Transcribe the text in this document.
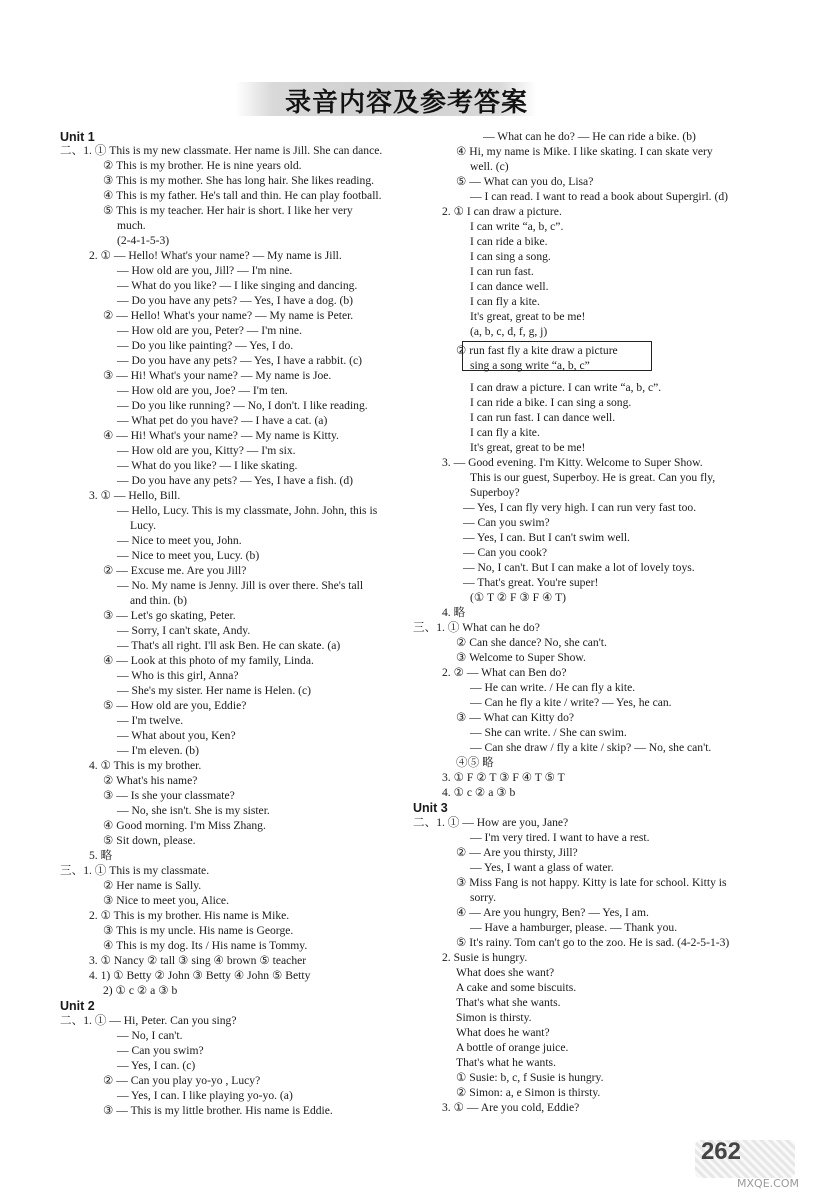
录音内容及参考答案
Unit 1
二、1. ① This is my new classmate. Her name is Jill. She can dance.
② This is my brother. He is nine years old.
③ This is my mother. She has long hair. She likes reading.
④ This is my father. He's tall and thin. He can play football.
⑤ This is my teacher. Her hair is short. I like her very
much.
(2-4-1-5-3)
2. ① — Hello! What's your name? — My name is Jill.
— How old are you, Jill? — I'm nine.
— What do you like? — I like singing and dancing.
— Do you have any pets? — Yes, I have a dog. (b)
② — Hello! What's your name? — My name is Peter.
— How old are you, Peter? — I'm nine.
— Do you like painting? — Yes, I do.
— Do you have any pets? — Yes, I have a rabbit. (c)
③ — Hi! What's your name? — My name is Joe.
— How old are you, Joe? — I'm ten.
— Do you like running? — No, I don't. I like reading.
— What pet do you have? — I have a cat. (a)
④ — Hi! What's your name? — My name is Kitty.
— How old are you, Kitty? — I'm six.
— What do you like? — I like skating.
— Do you have any pets? — Yes, I have a fish. (d)
3. ① — Hello, Bill.
— Hello, Lucy. This is my classmate, John. John, this is
Lucy.
— Nice to meet you, John.
— Nice to meet you, Lucy. (b)
② — Excuse me. Are you Jill?
— No. My name is Jenny. Jill is over there. She's tall
and thin. (b)
③ — Let's go skating, Peter.
— Sorry, I can't skate, Andy.
— That's all right. I'll ask Ben. He can skate. (a)
④ — Look at this photo of my family, Linda.
— Who is this girl, Anna?
— She's my sister. Her name is Helen. (c)
⑤ — How old are you, Eddie?
— I'm twelve.
— What about you, Ken?
— I'm eleven. (b)
4. ① This is my brother.
② What's his name?
③ — Is she your classmate?
— No, she isn't. She is my sister.
④ Good morning. I'm Miss Zhang.
⑤ Sit down, please.
5. 略
三、1. ① This is my classmate.
② Her name is Sally.
③ Nice to meet you, Alice.
2. ① This is my brother. His name is Mike.
③ This is my uncle. His name is George.
④ This is my dog. Its / His name is Tommy.
3. ① Nancy ② tall ③ sing ④ brown ⑤ teacher
4. 1) ① Betty ② John ③ Betty ④ John ⑤ Betty
2) ① c ② a ③ b
Unit 2
二、1. ① — Hi, Peter. Can you sing?
— No, I can't.
— Can you swim?
— Yes, I can. (c)
② — Can you play yo-yo , Lucy?
— Yes, I can. I like playing yo-yo. (a)
③ — This is my little brother. His name is Eddie.
— What can he do? — He can ride a bike. (b)
④ Hi, my name is Mike. I like skating. I can skate very
well. (c)
⑤ — What can you do, Lisa?
— I can read. I want to read a book about Supergirl. (d)
2. ① I can draw a picture.
I can write “a, b, c”.
I can ride a bike.
I can sing a song.
I can run fast.
I can dance well.
I can fly a kite.
It's great, great to be me!
(a, b, c, d, f, g, j)
② run fast fly a kite draw a picture
sing a song write “a, b, c”
I can draw a picture. I can write “a, b, c”.
I can ride a bike. I can sing a song.
I can run fast. I can dance well.
I can fly a kite.
It's great, great to be me!
3. — Good evening. I'm Kitty. Welcome to Super Show.
This is our guest, Superboy. He is great. Can you fly,
Superboy?
— Yes, I can fly very high. I can run very fast too.
— Can you swim?
— Yes, I can. But I can't swim well.
— Can you cook?
— No, I can't. But I can make a lot of lovely toys.
— That's great. You're super!
(① T ② F ③ F ④ T)
4. 略
三、1. ① What can he do?
② Can she dance? No, she can't.
③ Welcome to Super Show.
2. ② — What can Ben do?
— He can write. / He can fly a kite.
— Can he fly a kite / write? — Yes, he can.
③ — What can Kitty do?
— She can write. / She can swim.
— Can she draw / fly a kite / skip? — No, she can't.
④⑤ 略
3. ① F ② T ③ F ④ T ⑤ T
4. ① c ② a ③ b
Unit 3
二、1. ① — How are you, Jane?
— I'm very tired. I want to have a rest.
② — Are you thirsty, Jill?
— Yes, I want a glass of water.
③ Miss Fang is not happy. Kitty is late for school. Kitty is
sorry.
④ — Are you hungry, Ben? — Yes, I am.
— Have a hamburger, please. — Thank you.
⑤ It's rainy. Tom can't go to the zoo. He is sad. (4-2-5-1-3)
2. Susie is hungry.
What does she want?
A cake and some biscuits.
That's what she wants.
Simon is thirsty.
What does he want?
A bottle of orange juice.
That's what he wants.
① Susie: b, c, f Susie is hungry.
② Simon: a, e Simon is thirsty.
3. ① — Are you cold, Eddie?
262
MXQE.COM
